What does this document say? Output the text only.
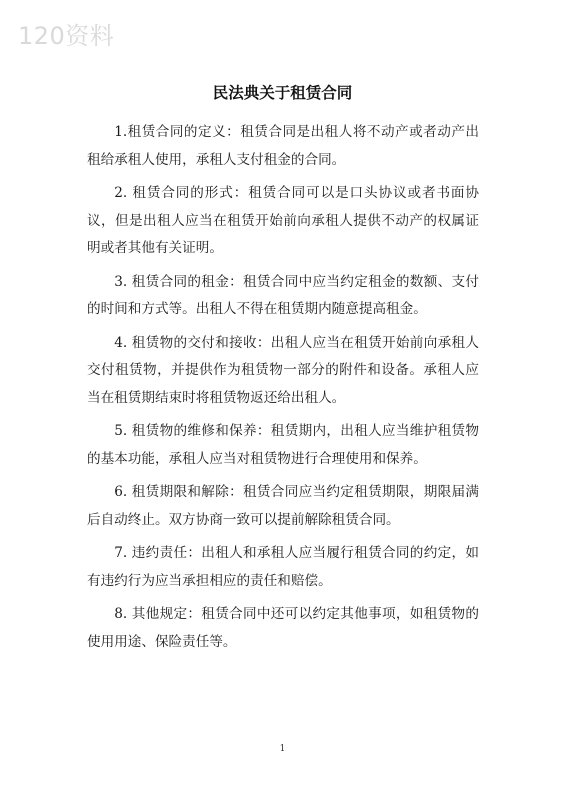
120资料
民法典关于租赁合同

1.租赁合同的定义：租赁合同是出租人将不动产或者动产出租给承租人使用，承租人支付租金的合同。

2. 租赁合同的形式：租赁合同可以是口头协议或者书面协议，但是出租人应当在租赁开始前向承租人提供不动产的权属证明或者其他有关证明。

3. 租赁合同的租金：租赁合同中应当约定租金的数额、支付的时间和方式等。出租人不得在租赁期内随意提高租金。

4. 租赁物的交付和接收：出租人应当在租赁开始前向承租人交付租赁物，并提供作为租赁物一部分的附件和设备。承租人应当在租赁期结束时将租赁物返还给出租人。

5. 租赁物的维修和保养：租赁期内，出租人应当维护租赁物的基本功能，承租人应当对租赁物进行合理使用和保养。

6. 租赁期限和解除：租赁合同应当约定租赁期限，期限届满后自动终止。双方协商一致可以提前解除租赁合同。

7. 违约责任：出租人和承租人应当履行租赁合同的约定，如有违约行为应当承担相应的责任和赔偿。

8. 其他规定：租赁合同中还可以约定其他事项，如租赁物的使用用途、保险责任等。

1
